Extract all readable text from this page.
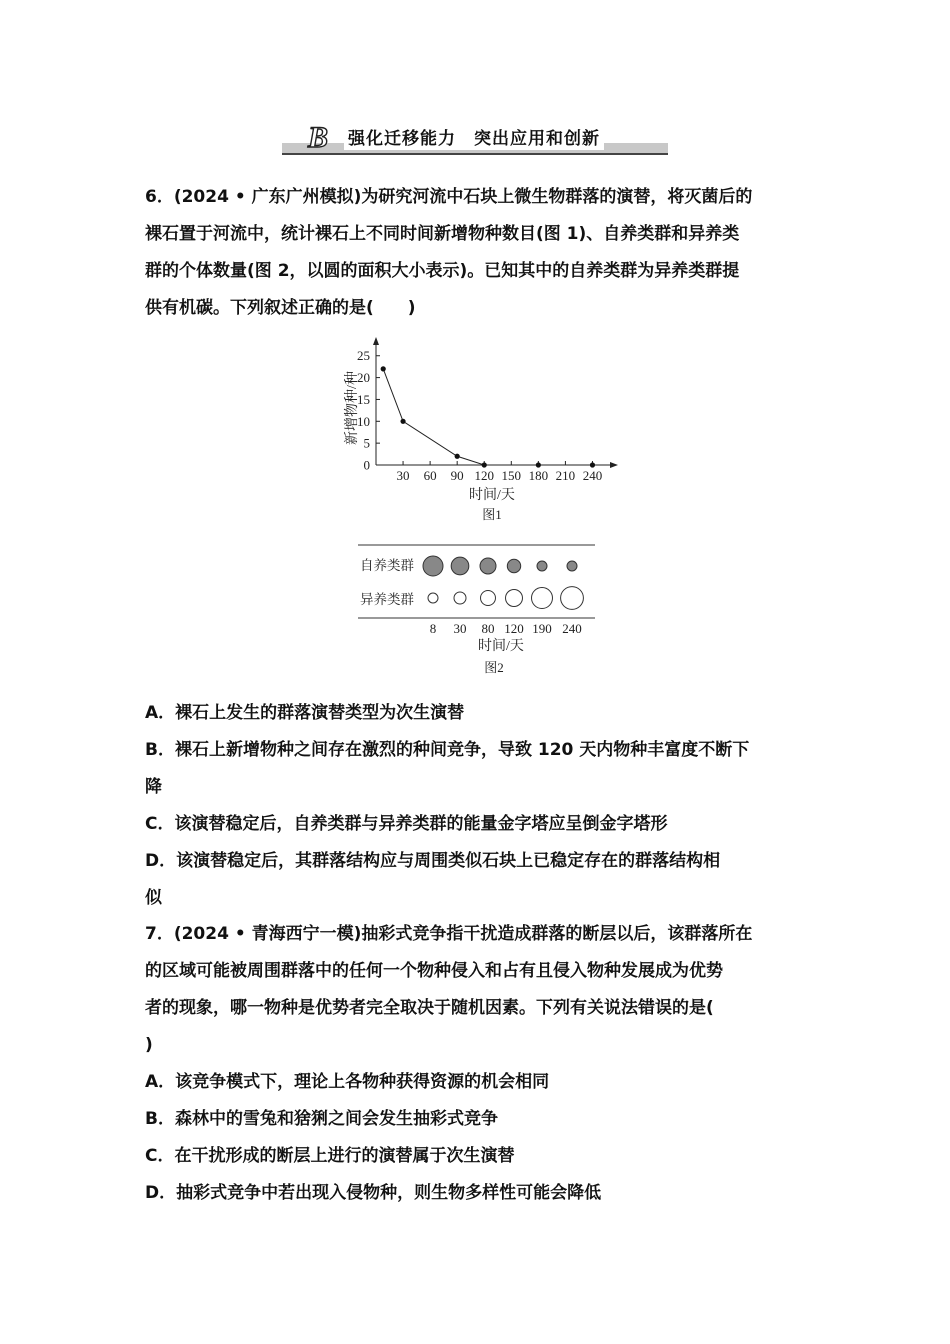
B 强化迁移能力　突出应用和创新

6．(2024 • 广东广州模拟)为研究河流中石块上微生物群落的演替，将灭菌后的

裸石置于河流中，统计裸石上不同时间新增物种数目(图 1)、自养类群和异养类

群的个体数量(图 2，以圆的面积大小表示)。已知其中的自养类群为异养类群提

供有机碳。下列叙述正确的是(　　)

0
5
10
15
20
25
30 60 90 120 150 180 210 240
新增物种/种
时间/天
图1
自养类群
异养类群
8 30 80 120 190 240
时间/天
图2

A．裸石上发生的群落演替类型为次生演替

B．裸石上新增物种之间存在激烈的种间竞争，导致 120 天内物种丰富度不断下

降

C．该演替稳定后，自养类群与异养类群的能量金字塔应呈倒金字塔形

D．该演替稳定后，其群落结构应与周围类似石块上已稳定存在的群落结构相

似

7．(2024 • 青海西宁一模)抽彩式竞争指干扰造成群落的断层以后，该群落所在

的区域可能被周围群落中的任何一个物种侵入和占有且侵入物种发展成为优势

者的现象，哪一物种是优势者完全取决于随机因素。下列有关说法错误的是(

)

A．该竞争模式下，理论上各物种获得资源的机会相同

B．森林中的雪兔和猞猁之间会发生抽彩式竞争

C．在干扰形成的断层上进行的演替属于次生演替

D．抽彩式竞争中若出现入侵物种，则生物多样性可能会降低
